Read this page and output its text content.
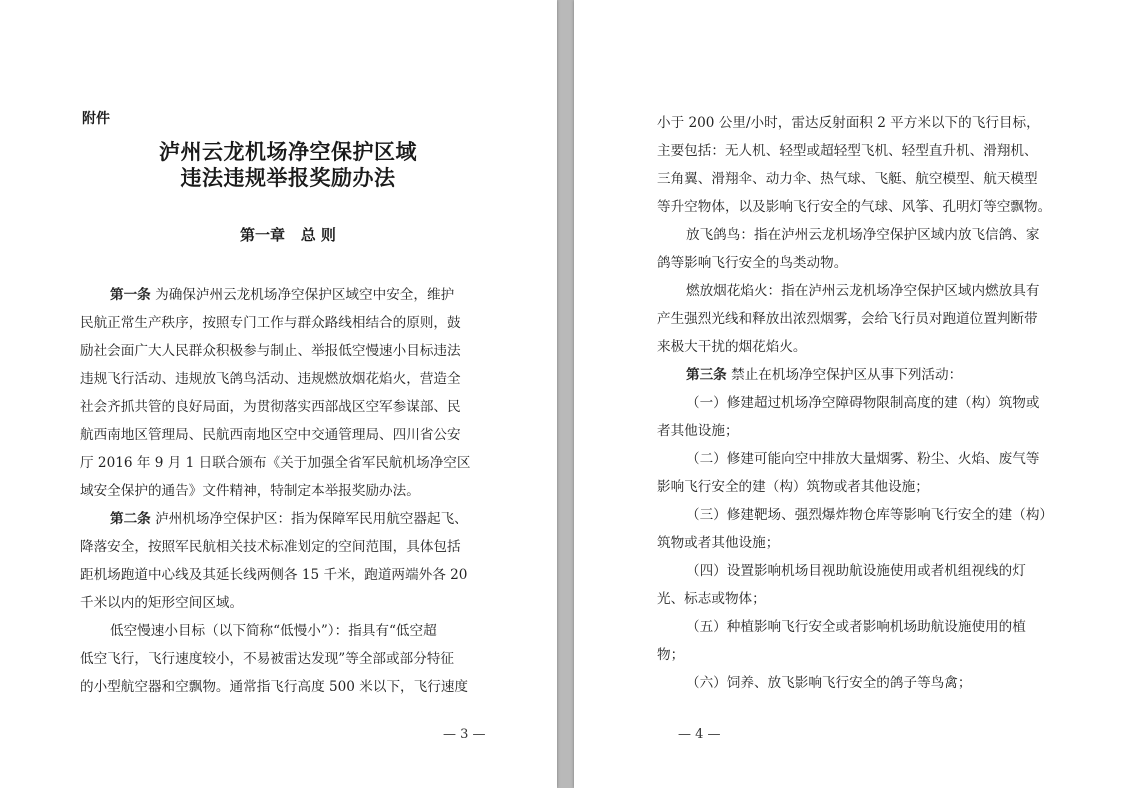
附件
泸州云龙机场净空保护区域
违法违规举报奖励办法
第一章   总 则
第一条 为确保泸州云龙机场净空保护区域空中安全，维护
民航正常生产秩序，按照专门工作与群众路线相结合的原则，鼓
励社会面广大人民群众积极参与制止、举报低空慢速小目标违法
违规飞行活动、违规放飞鸽鸟活动、违规燃放烟花焰火，营造全
社会齐抓共管的良好局面，为贯彻落实西部战区空军参谋部、民
航西南地区管理局、民航西南地区空中交通管理局、四川省公安
厅 2016 年 9 月 1 日联合颁布《关于加强全省军民航机场净空区
域安全保护的通告》文件精神，特制定本举报奖励办法。
第二条 泸州机场净空保护区：指为保障军民用航空器起飞、
降落安全，按照军民航相关技术标准划定的空间范围，具体包括
距机场跑道中心线及其延长线两侧各 15 千米，跑道两端外各 20
千米以内的矩形空间区域。
低空慢速小目标（以下简称“低慢小”）：指具有“低空超
低空飞行，飞行速度较小，不易被雷达发现”等全部或部分特征
的小型航空器和空飘物。通常指飞行高度 500 米以下，飞行速度
— 3 —
小于 200 公里/小时，雷达反射面积 2 平方米以下的飞行目标，
主要包括：无人机、轻型或超轻型飞机、轻型直升机、滑翔机、
三角翼、滑翔伞、动力伞、热气球、飞艇、航空模型、航天模型
等升空物体，以及影响飞行安全的气球、风筝、孔明灯等空飘物。
放飞鸽鸟：指在泸州云龙机场净空保护区域内放飞信鸽、家
鸽等影响飞行安全的鸟类动物。
燃放烟花焰火：指在泸州云龙机场净空保护区域内燃放具有
产生强烈光线和释放出浓烈烟雾，会给飞行员对跑道位置判断带
来极大干扰的烟花焰火。
第三条 禁止在机场净空保护区从事下列活动：
（一）修建超过机场净空障碍物限制高度的建（构）筑物或
者其他设施；
（二）修建可能向空中排放大量烟雾、粉尘、火焰、废气等
影响飞行安全的建（构）筑物或者其他设施；
（三）修建靶场、强烈爆炸物仓库等影响飞行安全的建（构）
筑物或者其他设施；
（四）设置影响机场目视助航设施使用或者机组视线的灯
光、标志或物体；
（五）种植影响飞行安全或者影响机场助航设施使用的植
物；
（六）饲养、放飞影响飞行安全的鸽子等鸟禽；
— 4 —
